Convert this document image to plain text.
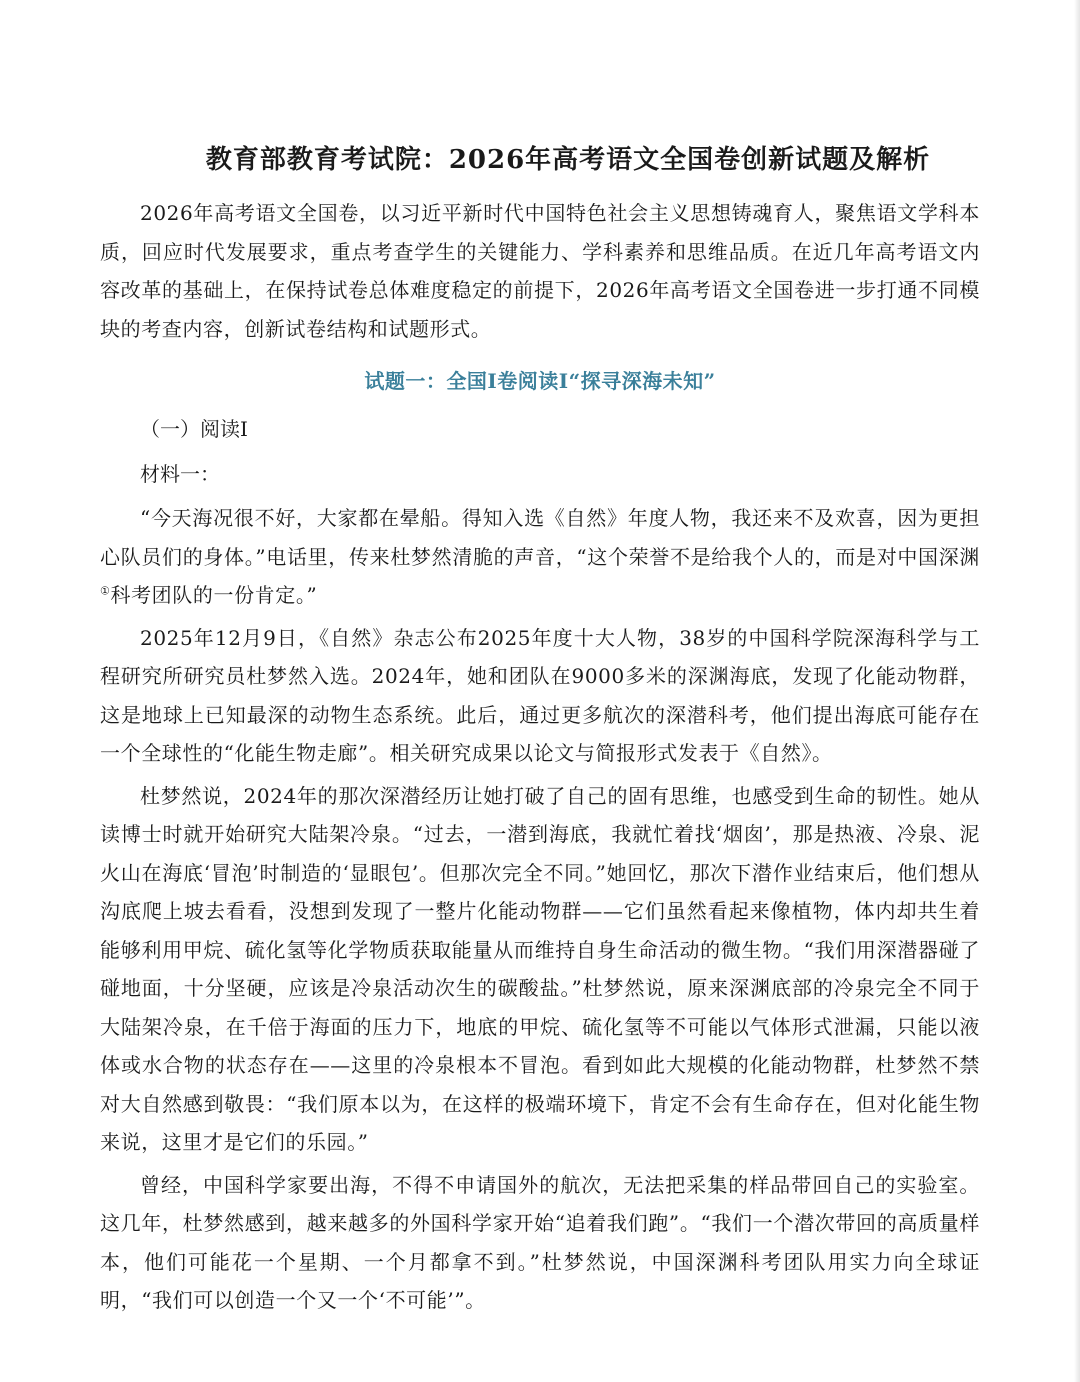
教育部教育考试院：2026年高考语文全国卷创新试题及解析

2026年高考语文全国卷，以习近平新时代中国特色社会主义思想铸魂育人，聚焦语文学科本质，回应时代发展要求，重点考查学生的关键能力、学科素养和思维品质。在近几年高考语文内容改革的基础上，在保持试卷总体难度稳定的前提下，2026年高考语文全国卷进一步打通不同模块的考查内容，创新试卷结构和试题形式。

试题一：全国Ⅰ卷阅读Ⅰ“探寻深海未知”
（一）阅读Ⅰ
材料一：

“今天海况很不好，大家都在晕船。得知入选《自然》年度人物，我还来不及欢喜，因为更担心队员们的身体。”电话里，传来杜梦然清脆的声音，“这个荣誉不是给我个人的，而是对中国深渊①科考团队的一份肯定。”

2025年12月9日，《自然》杂志公布2025年度十大人物，38岁的中国科学院深海科学与工程研究所研究员杜梦然入选。2024年，她和团队在9000多米的深渊海底，发现了化能动物群，这是地球上已知最深的动物生态系统。此后，通过更多航次的深潜科考，他们提出海底可能存在一个全球性的“化能生物走廊”。相关研究成果以论文与简报形式发表于《自然》。

杜梦然说，2024年的那次深潜经历让她打破了自己的固有思维，也感受到生命的韧性。她从读博士时就开始研究大陆架冷泉。“过去，一潜到海底，我就忙着找‘烟囱’，那是热液、冷泉、泥火山在海底‘冒泡’时制造的‘显眼包’。但那次完全不同。”她回忆，那次下潜作业结束后，他们想从沟底爬上坡去看看，没想到发现了一整片化能动物群——它们虽然看起来像植物，体内却共生着能够利用甲烷、硫化氢等化学物质获取能量从而维持自身生命活动的微生物。“我们用深潜器碰了碰地面，十分坚硬，应该是冷泉活动次生的碳酸盐。”杜梦然说，原来深渊底部的冷泉完全不同于大陆架冷泉，在千倍于海面的压力下，地底的甲烷、硫化氢等不可能以气体形式泄漏，只能以液体或水合物的状态存在——这里的冷泉根本不冒泡。看到如此大规模的化能动物群，杜梦然不禁对大自然感到敬畏：“我们原本以为，在这样的极端环境下，肯定不会有生命存在，但对化能生物来说，这里才是它们的乐园。”

曾经，中国科学家要出海，不得不申请国外的航次，无法把采集的样品带回自己的实验室。这几年，杜梦然感到，越来越多的外国科学家开始“追着我们跑”。“我们一个潜次带回的高质量样本，他们可能花一个星期、一个月都拿不到。”杜梦然说，中国深渊科考团队用实力向全球证明，“我们可以创造一个又一个‘不可能’”。
